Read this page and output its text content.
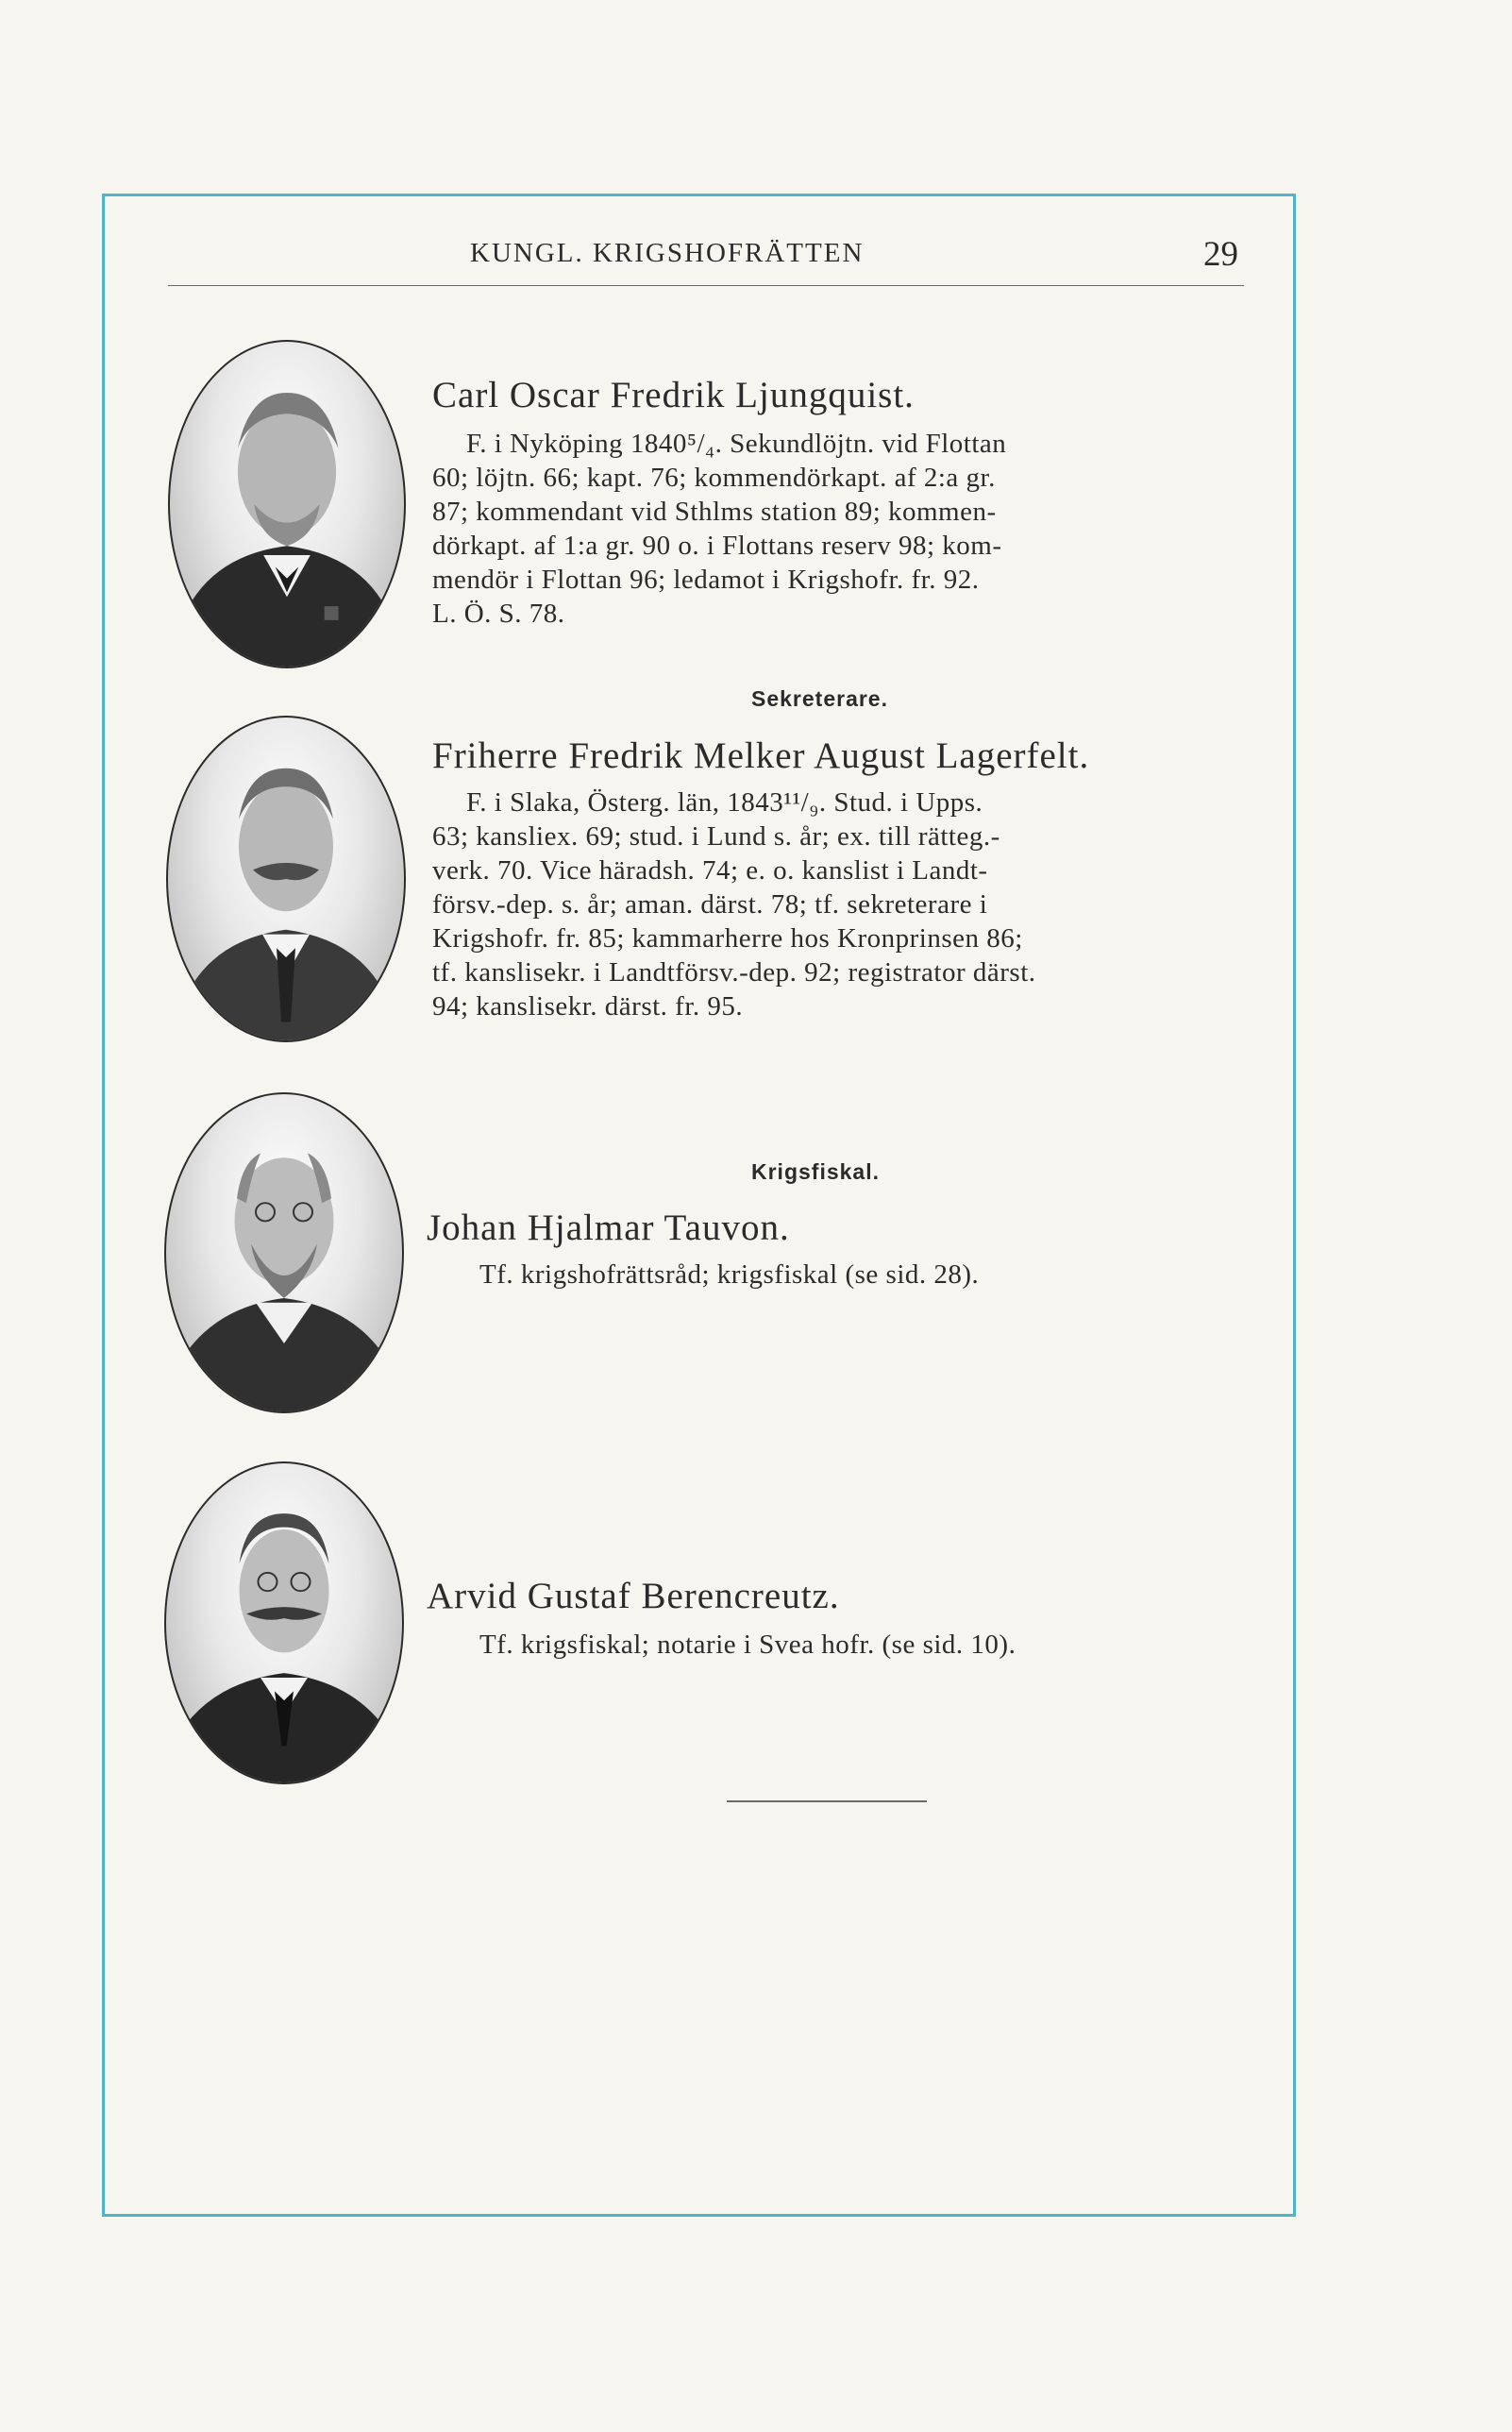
KUNGL. KRIGSHOFRÄTTEN	29
Carl Oscar Fredrik Ljungquist.
F. i Nyköping 1840⁵/₄. Sekundlöjtn. vid Flottan
60; löjtn. 66; kapt. 76; kommendörkapt. af 2:a gr.
87; kommendant vid Sthlms station 89; kommen-
dörkapt. af 1:a gr. 90 o. i Flottans reserv 98; kom-
mendör i Flottan 96; ledamot i Krigshofr. fr. 92.
L. Ö. S. 78.
Sekreterare.
Friherre Fredrik Melker August Lagerfelt.
F. i Slaka, Österg. län, 1843¹¹/₉. Stud. i Upps.
63; kansliex. 69; stud. i Lund s. år; ex. till rätteg.-
verk. 70. Vice häradsh. 74; e. o. kanslist i Landt-
försv.-dep. s. år; aman. därst. 78; tf. sekreterare i
Krigshofr. fr. 85; kammarherre hos Kronprinsen 86;
tf. kanslisekr. i Landtförsv.-dep. 92; registrator därst.
94; kanslisekr. därst. fr. 95.
Krigsfiskal.
Johan Hjalmar Tauvon.
Tf. krigshofrättsråd; krigsfiskal (se sid. 28).
Arvid Gustaf Berencreutz.
Tf. krigsfiskal; notarie i Svea hofr. (se sid. 10).
